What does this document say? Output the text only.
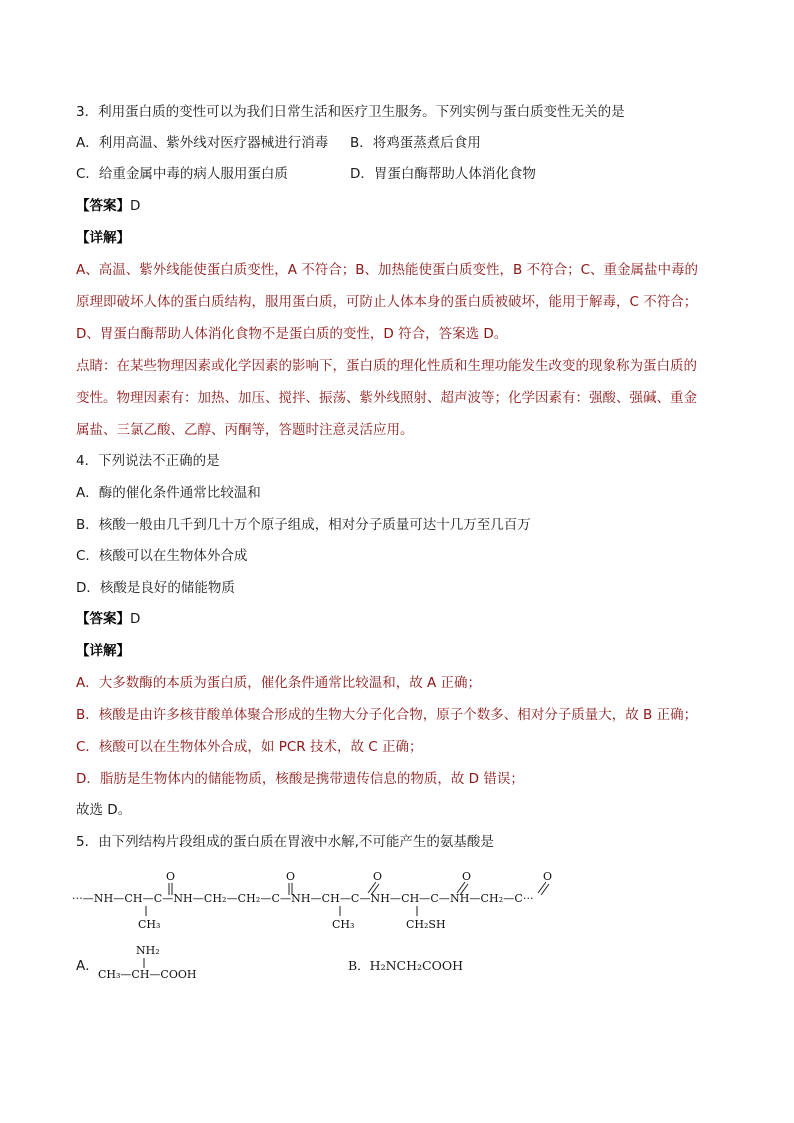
3．利用蛋白质的变性可以为我们日常生活和医疗卫生服务。下列实例与蛋白质变性无关的是
A．利用高温、紫外线对医疗器械进行消毒 B．将鸡蛋蒸煮后食用
C．给重金属中毒的病人服用蛋白质	D．胃蛋白酶帮助人体消化食物
【答案】D
【详解】
A、高温、紫外线能使蛋白质变性，A 不符合；B、加热能使蛋白质变性，B 不符合；C、重金属盐中毒的
原理即破坏人体的蛋白质结构，服用蛋白质，可防止人体本身的蛋白质被破坏，能用于解毒，C 不符合；
D、胃蛋白酶帮助人体消化食物不是蛋白质的变性，D 符合，答案选 D。
点睛：在某些物理因素或化学因素的影响下，蛋白质的理化性质和生理功能发生改变的现象称为蛋白质的
变性。物理因素有：加热、加压、搅拌、振荡、紫外线照射、超声波等；化学因素有：强酸、强碱、重金
属盐、三氯乙酸、乙醇、丙酮等，答题时注意灵活应用。
4．下列说法不正确的是
A．酶的催化条件通常比较温和
B．核酸一般由几千到几十万个原子组成，相对分子质量可达十几万至几百万
C．核酸可以在生物体外合成
D．核酸是良好的储能物质
【答案】D
【详解】
A．大多数酶的本质为蛋白质，催化条件通常比较温和，故 A 正确；
B．核酸是由许多核苷酸单体聚合形成的生物大分子化合物，原子个数多、相对分子质量大，故 B 正确；
C．核酸可以在生物体外合成，如 PCR 技术，故 C 正确；
D．脂肪是生物体内的储能物质，核酸是携带遗传信息的物质，故 D 错误；
故选 D。
5．由下列结构片段组成的蛋白质在胃液中水解,不可能产生的氨基酸是
O	O	O	O	O
···—NH—CH—C—NH—CH₂—CH₂—C—NH—CH—C—NH—CH—C—NH—CH₂—C···
CH₃	CH₃	CH₂SH
A．
NH₂
CH₃—CH—COOH
B．H₂NCH₂COOH
